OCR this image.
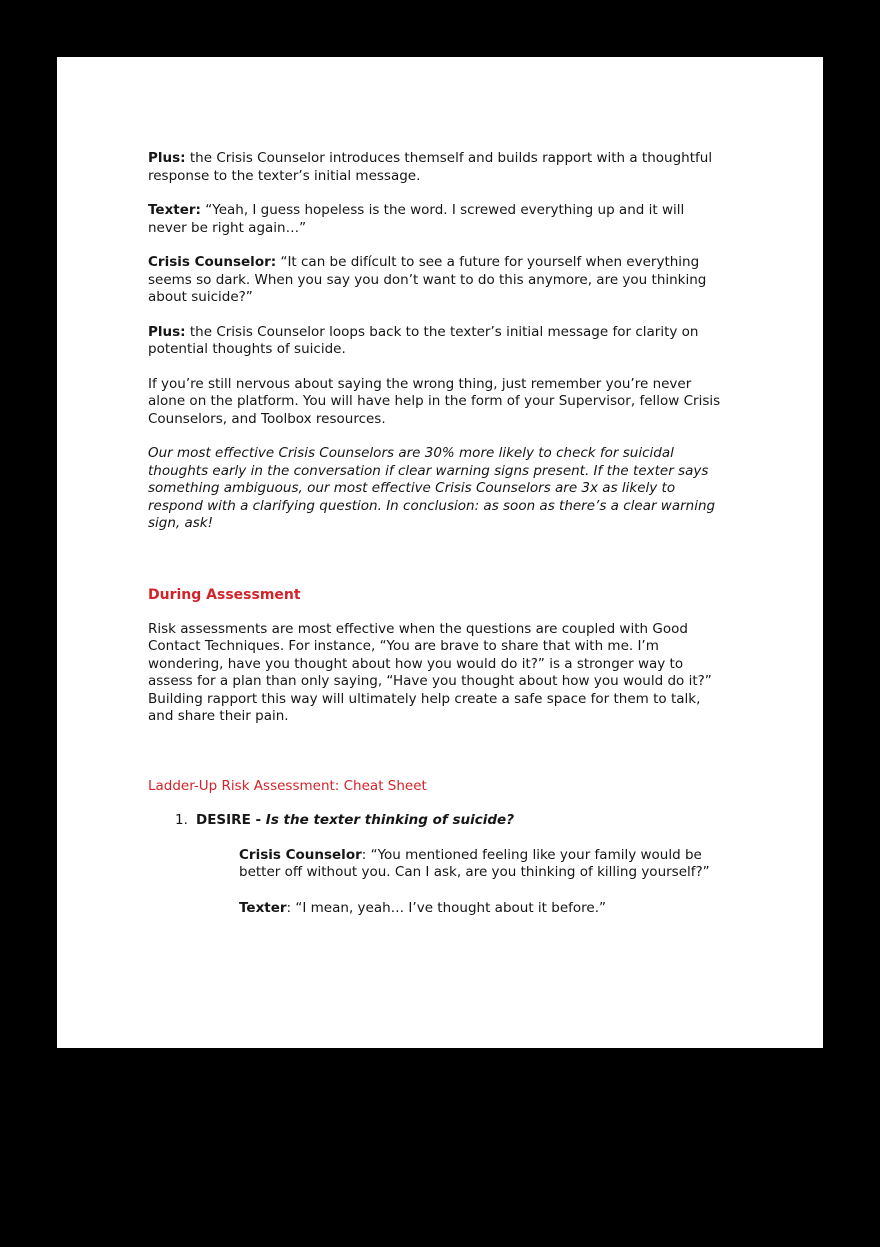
Plus: the Crisis Counselor introduces themself and builds rapport with a thoughtful response to the texter’s initial message.

Texter: “Yeah, I guess hopeless is the word. I screwed everything up and it will never be right again…”

Crisis Counselor: “It can be difícult to see a future for yourself when everything seems so dark. When you say you don’t want to do this anymore, are you thinking about suicide?”

Plus: the Crisis Counselor loops back to the texter’s initial message for clarity on potential thoughts of suicide.

If you’re still nervous about saying the wrong thing, just remember you’re never alone on the platform. You will have help in the form of your Supervisor, fellow Crisis Counselors, and Toolbox resources.

Our most effective Crisis Counselors are 30% more likely to check for suicidal thoughts early in the conversation if clear warning signs present. If the texter says something ambiguous, our most effective Crisis Counselors are 3x as likely to respond with a clarifying question. In conclusion: as soon as there’s a clear warning sign, ask!

During Assessment

Risk assessments are most effective when the questions are coupled with Good Contact Techniques. For instance, “You are brave to share that with me. I’m wondering, have you thought about how you would do it?” is a stronger way to assess for a plan than only saying, “Have you thought about how you would do it?” Building rapport this way will ultimately help create a safe space for them to talk, and share their pain.

Ladder-Up Risk Assessment: Cheat Sheet

1. DESIRE - Is the texter thinking of suicide?

Crisis Counselor: “You mentioned feeling like your family would be better off without you. Can I ask, are you thinking of killing yourself?”

Texter: “I mean, yeah… I’ve thought about it before.”
